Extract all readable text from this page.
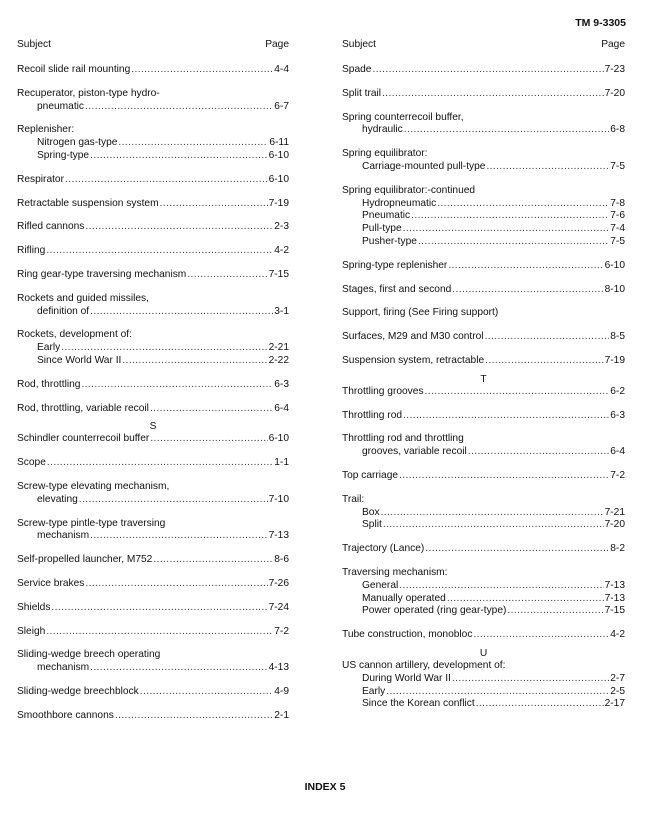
TM 9-3305
Subject	Page
Recoil slide rail mounting .....	4-4
Recuperator, piston-type hydro-
pneumatic .....	6-7
Replenisher:
Nitrogen gas-type .....	6-11
Spring-type .....	6-10
Respirator .....	6-10
Retractable suspension system .....	7-19
Rifled cannons .....	2-3
Rifling .....	4-2
Ring gear-type traversing mechanism .....	7-15
Rockets and guided missiles,
definition of .....	3-1
Rockets, development of:
Early .....	2-21
Since World War II .....	2-22
Rod, throttling .....	6-3
Rod, throttling, variable recoil .....	6-4
S
Schindler counterrecoil buffer .....	6-10
Scope .....	1-1
Screw-type elevating mechanism,
elevating .....	7-10
Screw-type pintle-type traversing
mechanism .....	7-13
Self-propelled launcher, M752 .....	8-6
Service brakes .....	7-26
Shields .....	7-24
Sleigh .....	7-2
Sliding-wedge breech operating
mechanism .....	4-13
Sliding-wedge breechblock .....	4-9
Smoothbore cannons .....	2-1
Subject	Page
Spade .....	7-23
Split trail .....	7-20
Spring counterrecoil buffer,
hydraulic .....	6-8
Spring equilibrator:
Carriage-mounted pull-type .....	7-5
Spring equilibrator:-continued
Hydropneumatic .....	7-8
Pneumatic .....	7-6
Pull-type .....	7-4
Pusher-type .....	7-5
Spring-type replenisher .....	6-10
Stages, first and second .....	8-10
Support, firing (See Firing support)
Surfaces, M29 and M30 control .....	8-5
Suspension system, retractable .....	7-19
T
Throttling grooves .....	6-2
Throttling rod .....	6-3
Throttling rod and throttling
grooves, variable recoil .....	6-4
Top carriage .....	7-2
Trail:
Box .....	7-21
Split .....	7-20
Trajectory (Lance) .....	8-2
Traversing mechanism:
General .....	7-13
Manually operated .....	7-13
Power operated (ring gear-type) .....	7-15
Tube construction, monobloc .....	4-2
U
US cannon artillery, development of:
During World War II .....	2-7
Early .....	2-5
Since the Korean conflict .....	2-17
INDEX 5
